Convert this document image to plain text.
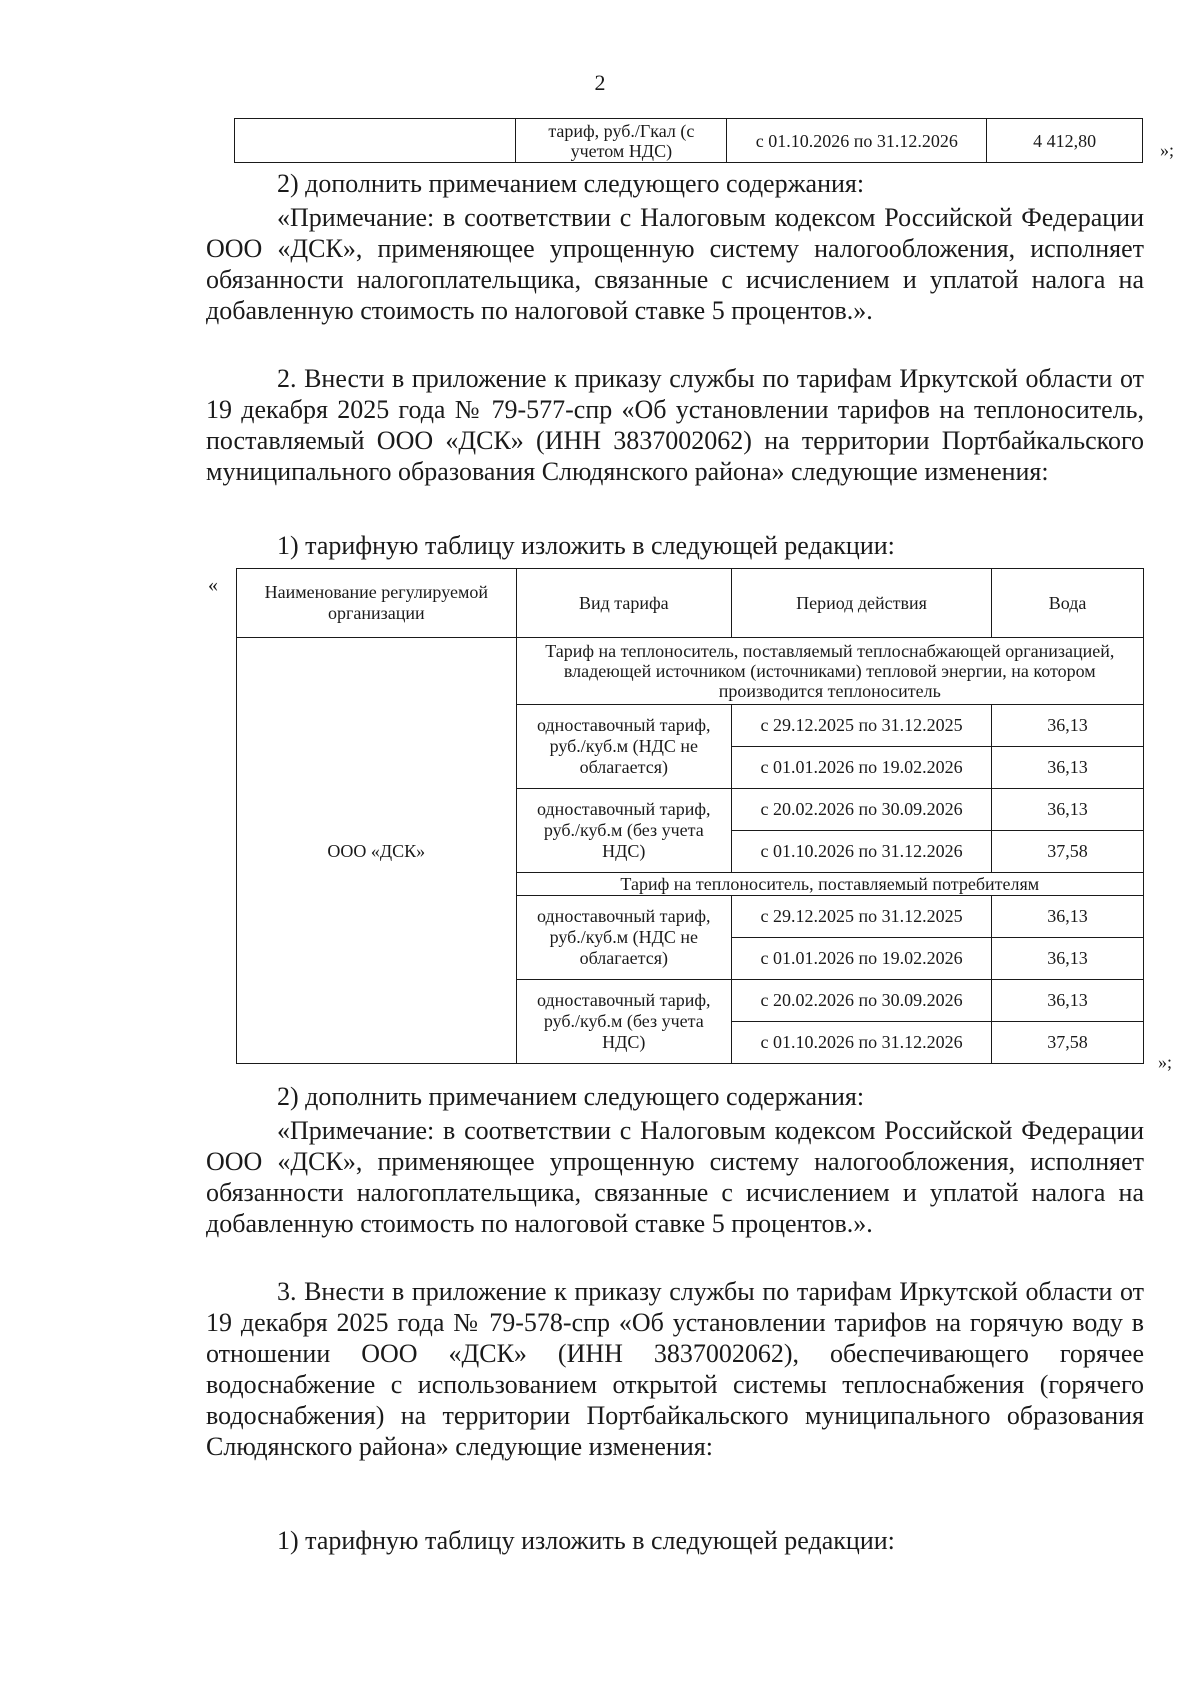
2
	тариф, руб./Гкал (с учетом НДС)	с 01.10.2026 по 31.12.2026	4 412,80	»;

2) дополнить примечанием следующего содержания:

«Примечание: в соответствии с Налоговым кодексом Российской Федерации ООО «ДСК», применяющее упрощенную систему налогообложения, исполняет обязанности налогоплательщика, связанные с исчислением и уплатой налога на добавленную стоимость по налоговой ставке 5 процентов.».

2. Внести в приложение к приказу службы по тарифам Иркутской области от 19 декабря 2025 года № 79-577-спр «Об установлении тарифов на теплоноситель, поставляемый ООО «ДСК» (ИНН 3837002062) на территории Портбайкальского муниципального образования Слюдянского района» следующие изменения:

1) тарифную таблицу изложить в следующей редакции:

«	Наименование регулируемой организации	Вид тарифа	Период действия	Вода
ООО «ДСК»	Тариф на теплоноситель, поставляемый теплоснабжающей организацией, владеющей источником (источниками) тепловой энергии, на котором производится теплоноситель		
	одноставочный тариф, руб./куб.м (НДС не облагается)	с 29.12.2025 по 31.12.2025	36,13
		с 01.01.2026 по 19.02.2026	36,13
	одноставочный тариф, руб./куб.м (без учета НДС)	с 20.02.2026 по 30.09.2026	36,13
		с 01.10.2026 по 31.12.2026	37,58
	Тариф на теплоноситель, поставляемый потребителям		
	одноставочный тариф, руб./куб.м (НДС не облагается)	с 29.12.2025 по 31.12.2025	36,13
		с 01.01.2026 по 19.02.2026	36,13
	одноставочный тариф, руб./куб.м (без учета НДС)	с 20.02.2026 по 30.09.2026	36,13
		с 01.10.2026 по 31.12.2026	37,58
»;

2) дополнить примечанием следующего содержания:

«Примечание: в соответствии с Налоговым кодексом Российской Федерации ООО «ДСК», применяющее упрощенную систему налогообложения, исполняет обязанности налогоплательщика, связанные с исчислением и уплатой налога на добавленную стоимость по налоговой ставке 5 процентов.».

3. Внести в приложение к приказу службы по тарифам Иркутской области от 19 декабря 2025 года № 79-578-спр «Об установлении тарифов на горячую воду в отношении ООО «ДСК» (ИНН 3837002062), обеспечивающего горячее водоснабжение с использованием открытой системы теплоснабжения (горячего водоснабжения) на территории Портбайкальского муниципального образования Слюдянского района» следующие изменения:

1) тарифную таблицу изложить в следующей редакции:
